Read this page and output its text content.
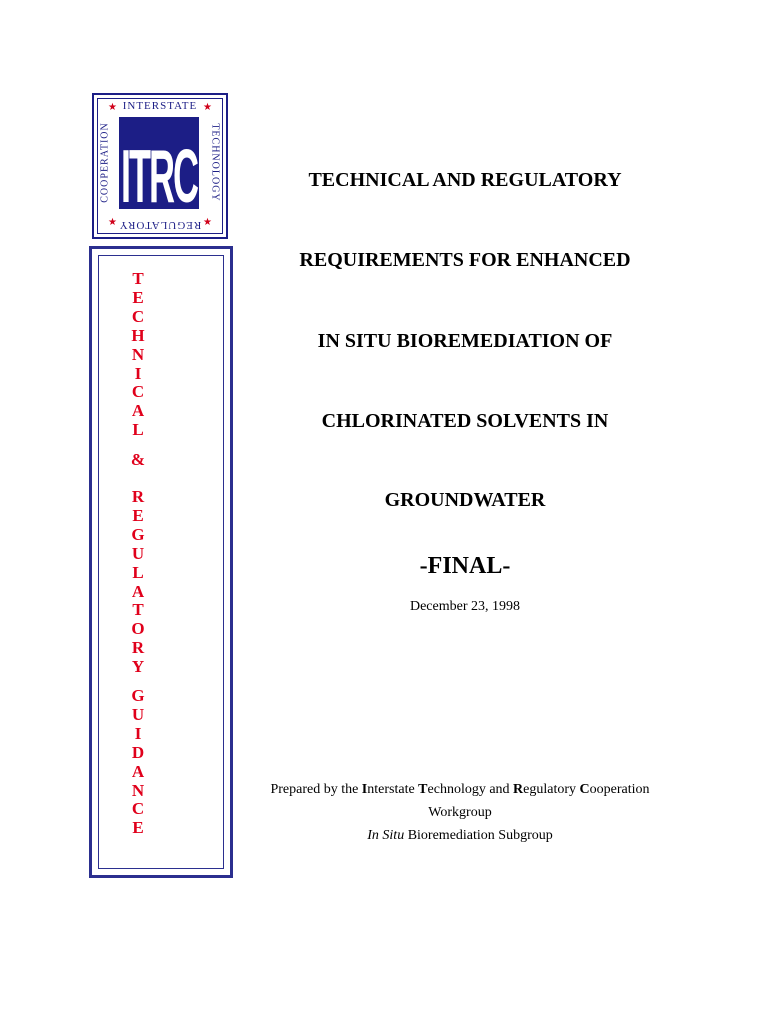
★	★
★	★
INTERSTATE
COOPERATION	TECHNOLOGY
REGULATORY
ITRC
T
E
C
H
N
I
C
A
L
&
R
E
G
U
L
A
T
O
R
Y
G
U
I
D
A
N
C
E
TECHNICAL AND REGULATORY
REQUIREMENTS FOR ENHANCED
IN SITU BIOREMEDIATION OF
CHLORINATED SOLVENTS IN
GROUNDWATER
-FINAL-
December 23, 1998
Prepared by the Interstate Technology and Regulatory Cooperation
Workgroup
In Situ Bioremediation Subgroup
